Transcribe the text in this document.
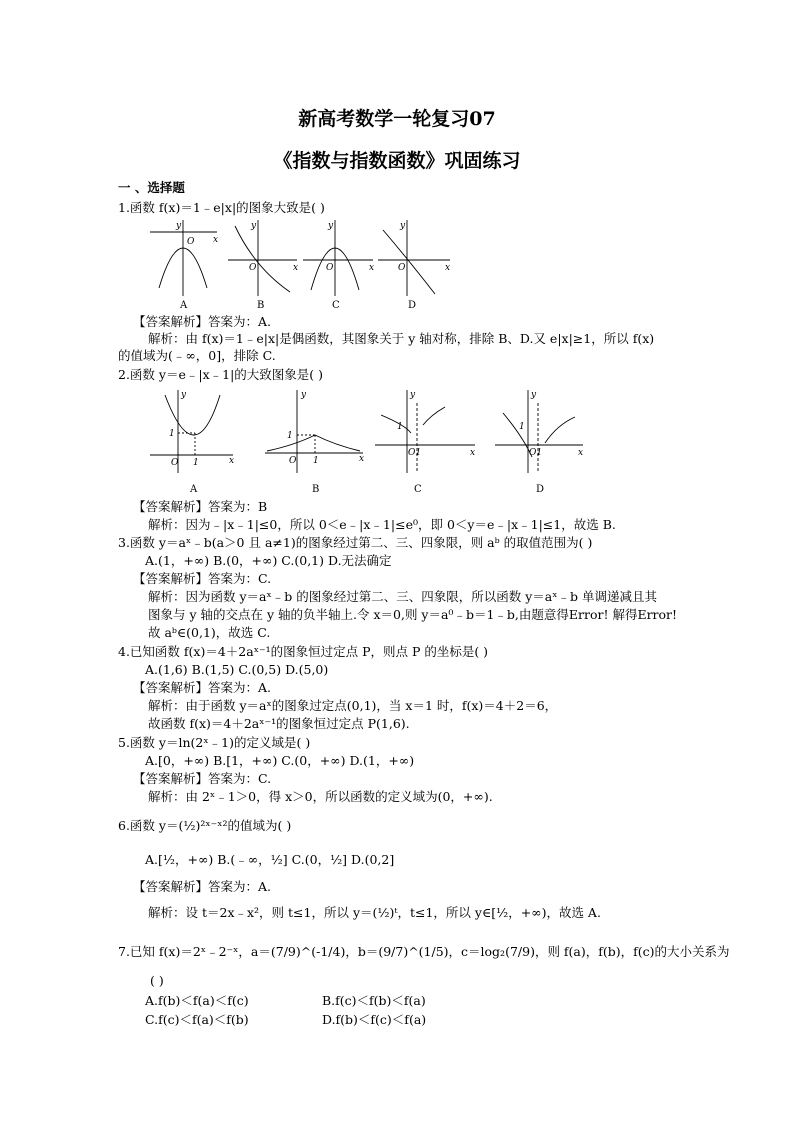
新高考数学一轮复习07
《指数与指数函数》巩固练习
一 、选择题
1.函数 f(x)＝1﹣e|x|的图象大致是( )
y
O x
y
O	x
y
O	x
y
O	x
A	B	C	D
【答案解析】答案为：A.
解析：由 f(x)＝1﹣e|x|是偶函数，其图象关于 y 轴对称，排除 B、D.又 e|x|≥1，所以 f(x)
的值域为(﹣∞，0]，排除 C.
2.函数 y＝e﹣|x﹣1|的大致图象是( )
y
1
O 1	x
y
1
O 1	x
y
1
O1	x
y
1
O1	x
A	B	C	D
【答案解析】答案为：B
解析：因为﹣|x﹣1|≤0，所以 0＜e﹣|x﹣1|≤e⁰，即 0＜y＝e﹣|x﹣1|≤1，故选 B.
3.函数 y＝aˣ﹣b(a＞0 且 a≠1)的图象经过第二、三、四象限，则 aᵇ 的取值范围为( )
A.(1，+∞) B.(0，+∞) C.(0,1) D.无法确定
【答案解析】答案为：C.
解析：因为函数 y＝aˣ﹣b 的图象经过第二、三、四象限，所以函数 y＝aˣ﹣b 单调递减且其
图象与 y 轴的交点在 y 轴的负半轴上.令 x＝0,则 y＝a⁰﹣b＝1﹣b,由题意得Error! 解得Error!
故 aᵇ∈(0,1)，故选 C.
4.已知函数 f(x)＝4＋2aˣ⁻¹的图象恒过定点 P，则点 P 的坐标是( )
A.(1,6) B.(1,5) C.(0,5) D.(5,0)
【答案解析】答案为：A.
解析：由于函数 y＝aˣ的图象过定点(0,1)，当 x＝1 时，f(x)＝4＋2＝6，
故函数 f(x)＝4＋2aˣ⁻¹的图象恒过定点 P(1,6).
5.函数 y＝ln(2ˣ﹣1)的定义域是( )
A.[0，+∞) B.[1，+∞) C.(0，+∞) D.(1，+∞)
【答案解析】答案为：C.
解析：由 2ˣ﹣1＞0，得 x＞0，所以函数的定义域为(0，+∞).
6.函数 y＝(½)²ˣ⁻ˣ²的值域为( )
A.[½，+∞) B.(﹣∞，½] C.(0，½] D.(0,2]
【答案解析】答案为：A.
解析：设 t＝2x﹣x²，则 t≤1，所以 y＝(½)ᵗ，t≤1，所以 y∈[½，+∞)，故选 A.
7.已知 f(x)＝2ˣ﹣2⁻ˣ，a＝(7/9)^(-1/4)，b＝(9/7)^(1/5)，c＝log₂(7/9)，则 f(a)，f(b)，f(c)的大小关系为
( )
A.f(b)＜f(a)＜f(c)	B.f(c)＜f(b)＜f(a)
C.f(c)＜f(a)＜f(b)	D.f(b)＜f(c)＜f(a)
